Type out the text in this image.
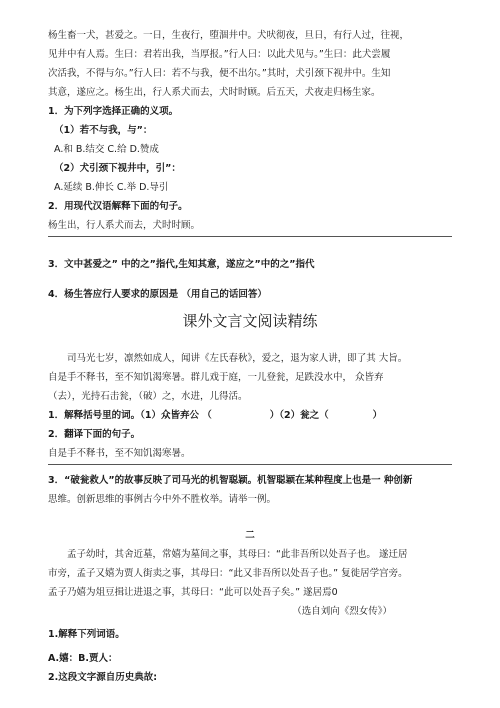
杨生畜一犬，甚爱之。一日，生夜行，堕涸井中。犬吠彻夜，旦日，有行人过，往视，

见井中有人焉。生曰：君若出我，当厚报。”行人曰：以此犬见与。”生曰：此犬尝履

次活我，不得与尔。”行人曰：若不与我，便不出尔。”其时，犬引颈下视井中。生知

其意，遂应之。杨生出，行人系犬而去，犬时时顾。后五天，犬夜走归杨生家。

1．为下列字选择正确的义项。

（1）若不与我，与”：

A.和 B.结交 C.给 D.赞成

（2）犬引颈下视井中，引”：

A.延续 B.伸长 C.举 D.导引

2．用现代汉语解释下面的句子。

杨生出，行人系犬而去，犬时时顾。

3．文中甚爱之” 中的之”指代,生知其意，遂应之”中的之”指代

4．杨生答应行人要求的原因是 （用自己的话回答）

课外文言文阅读精练

司马光七岁，凛然如成人，闻讲《左氏春秋》，爱之，退为家人讲，即了其 大旨。

自是手不释书，至不知饥渴寒暑。群儿戏于庭，一儿登瓮，足跌没水中， 众皆弃

（去），光持石击瓮，（破）之，水进，儿得活。

1．解释括号里的词。（1）众皆弃公 （	）（2）瓮之（	）

2．翻译下面的句子。

自是手不释书，至不知饥渴寒暑。

3．“破瓮救人”的故事反映了司马光的机智聪颖。机智聪颖在某种程度上也是一 种创新

思维。创新思维的事例古今中外不胜枚举。请举一例。

二

孟子幼时，其舍近墓，常嬉为墓间之事，其母曰：“此非吾所以处吾子也。 遂迁居

市旁，孟子又嬉为贾人街卖之事，其母曰：“此又非吾所以处吾子也。” 复徙居学宫旁。

孟子乃嬉为俎豆揖让进退之事，其母曰：“此可以处吾子矣。” 遂居焉0

（选自刘向《烈女传》）

1.解释下列词语。

A.嬉：B.贾人：

2.这段文字源自历史典故:
